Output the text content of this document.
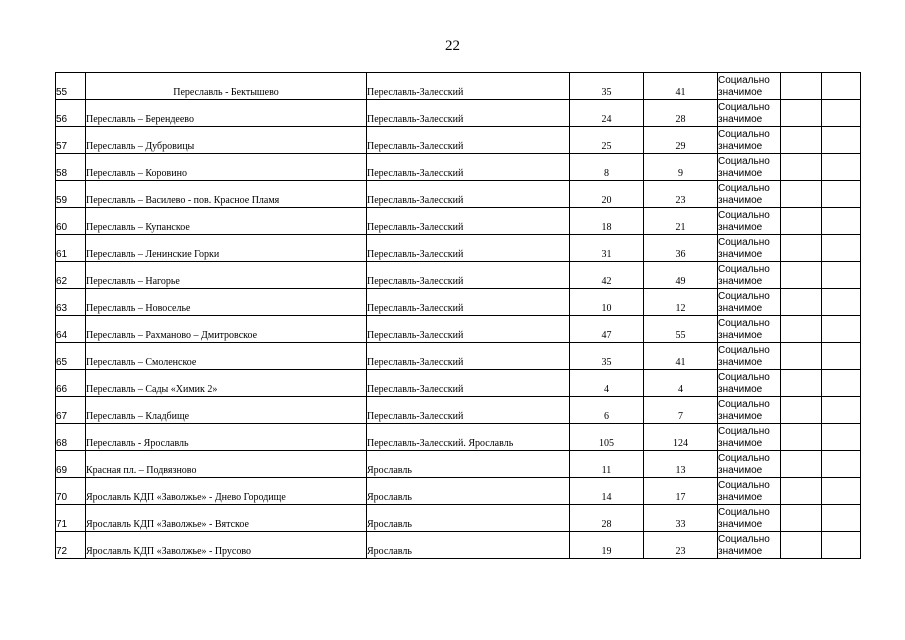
22
55	Переславль - Бектышево	Переславль-Залесский	35	41	Социально
значимое		

56	Переславль – Берендеево	Переславль-Залесский	24	28	Социально
значимое		

57	Переславль – Дубровицы	Переславль-Залесский	25	29	Социально
значимое		

58	Переславль – Коровино	Переславль-Залесский	8	9	Социально
значимое		

59	Переславль – Василево - пов. Красное Пламя	Переславль-Залесский	20	23	Социально
значимое		

60	Переславль – Купанское	Переславль-Залесский	18	21	Социально
значимое		

61	Переславль – Ленинские Горки	Переславль-Залесский	31	36	Социально
значимое		

62	Переславль – Нагорье	Переславль-Залесский	42	49	Социально
значимое		

63	Переславль – Новоселье	Переславль-Залесский	10	12	Социально
значимое		

64	Переславль – Рахманово – Дмитровское	Переславль-Залесский	47	55	Социально
значимое		

65	Переславль – Смоленское	Переславль-Залесский	35	41	Социально
значимое		

66	Переславль – Сады «Химик 2»	Переславль-Залесский	4	4	Социально
значимое		

67	Переславль – Кладбище	Переславль-Залесский	6	7	Социально
значимое		

68	Переславль - Ярославль	Переславль-Залесский. Ярославль	105	124	Социально
значимое		

69	Красная пл. – Подвязново	Ярославль	11	13	Социально
значимое		

70	Ярославль КДП «Заволжье» - Днево Городище	Ярославль	14	17	Социально
значимое		

71	Ярославль КДП «Заволжье» - Вятское	Ярославль	28	33	Социально
значимое		

72	Ярославль КДП «Заволжье» - Прусово	Ярославль	19	23	Социально
значимое		
